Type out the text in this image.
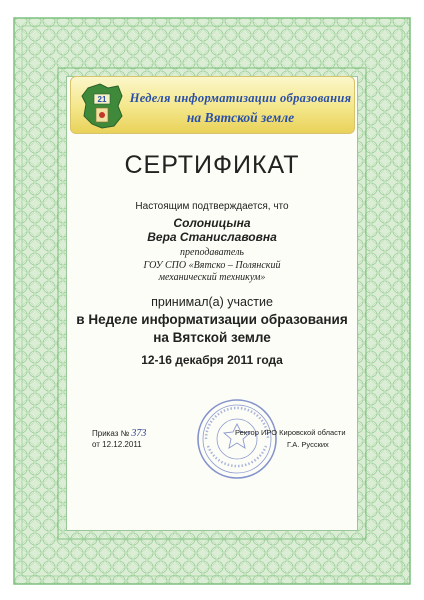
21 Неделя информатизации образования
на Вятской земле
СЕРТИФИКАТ
Настоящим подтверждается, что
Солоницына
Вера Станиславовна
преподаватель
ГОУ СПО «Вятско – Полянский
механический техникум»
принимал(а) участие
в Неделе информатизации образования
на Вятской земле
12-16 декабря 2011 года
Приказ № 373
от 12.12.2011
Ректор ИРО Кировской области
Г.А. Русских
